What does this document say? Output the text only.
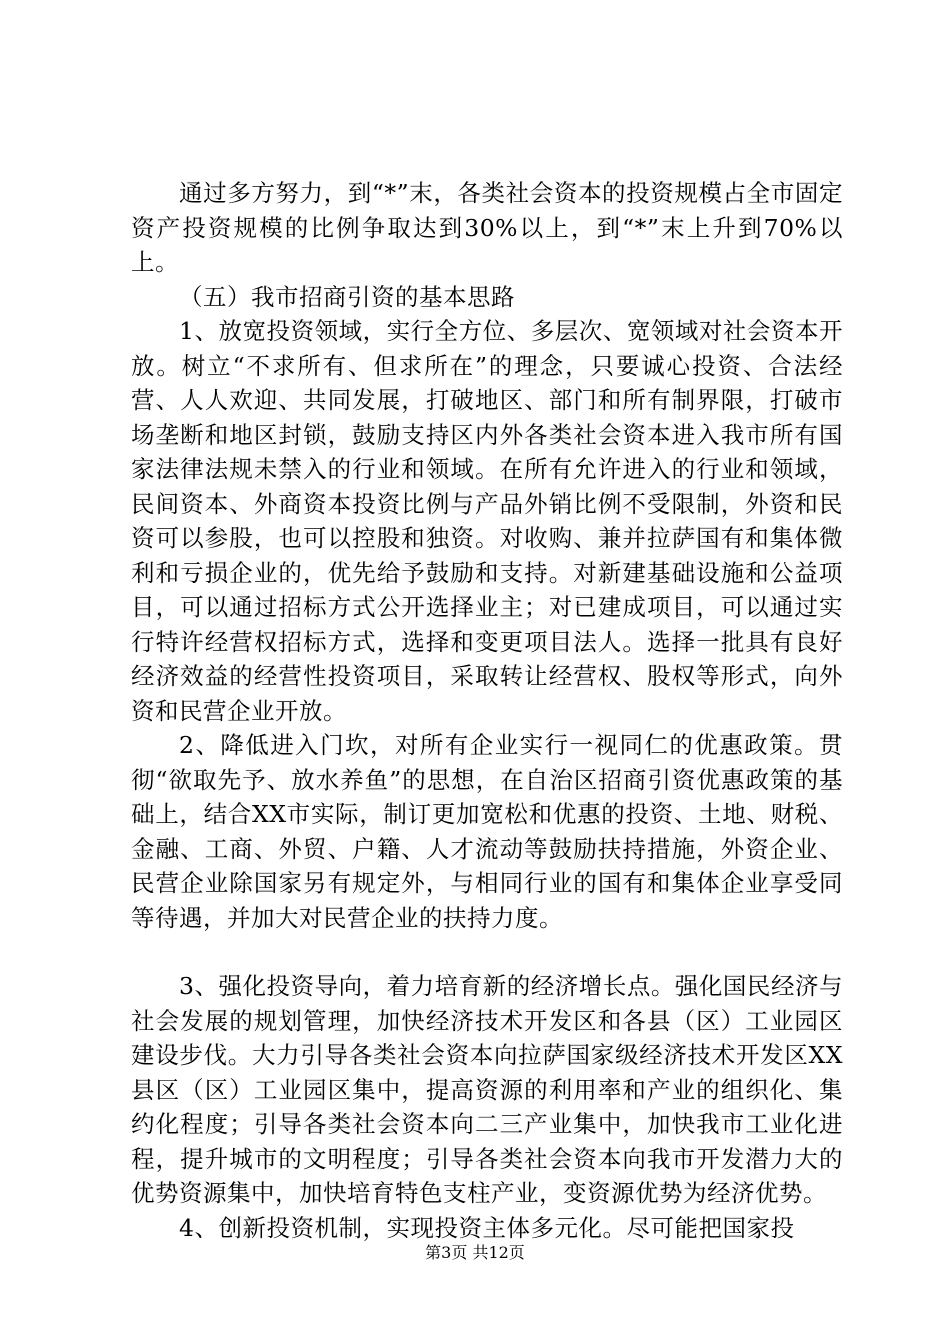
通过多方努力，到“*”末，各类社会资本的投资规模占全市固定资产投资规模的比例争取达到30%以上，到“*”末上升到70%以上。

（五）我市招商引资的基本思路

1、放宽投资领域，实行全方位、多层次、宽领域对社会资本开放。树立“不求所有、但求所在”的理念，只要诚心投资、合法经营、人人欢迎、共同发展，打破地区、部门和所有制界限，打破市场垄断和地区封锁，鼓励支持区内外各类社会资本进入我市所有国家法律法规未禁入的行业和领域。在所有允许进入的行业和领域，民间资本、外商资本投资比例与产品外销比例不受限制，外资和民资可以参股，也可以控股和独资。对收购、兼并拉萨国有和集体微利和亏损企业的，优先给予鼓励和支持。对新建基础设施和公益项目，可以通过招标方式公开选择业主；对已建成项目，可以通过实行特许经营权招标方式，选择和变更项目法人。选择一批具有良好经济效益的经营性投资项目，采取转让经营权、股权等形式，向外资和民营企业开放。

2、降低进入门坎，对所有企业实行一视同仁的优惠政策。贯彻“欲取先予、放水养鱼”的思想，在自治区招商引资优惠政策的基础上，结合XX市实际，制订更加宽松和优惠的投资、土地、财税、金融、工商、外贸、户籍、人才流动等鼓励扶持措施，外资企业、民营企业除国家另有规定外，与相同行业的国有和集体企业享受同等待遇，并加大对民营企业的扶持力度。

3、强化投资导向，着力培育新的经济增长点。强化国民经济与社会发展的规划管理，加快经济技术开发区和各县（区）工业园区建设步伐。大力引导各类社会资本向拉萨国家级经济技术开发区XX县区（区）工业园区集中，提高资源的利用率和产业的组织化、集约化程度；引导各类社会资本向二三产业集中，加快我市工业化进程，提升城市的文明程度；引导各类社会资本向我市开发潜力大的优势资源集中，加快培育特色支柱产业，变资源优势为经济优势。

4、创新投资机制，实现投资主体多元化。尽可能把国家投

第3页 共12页
